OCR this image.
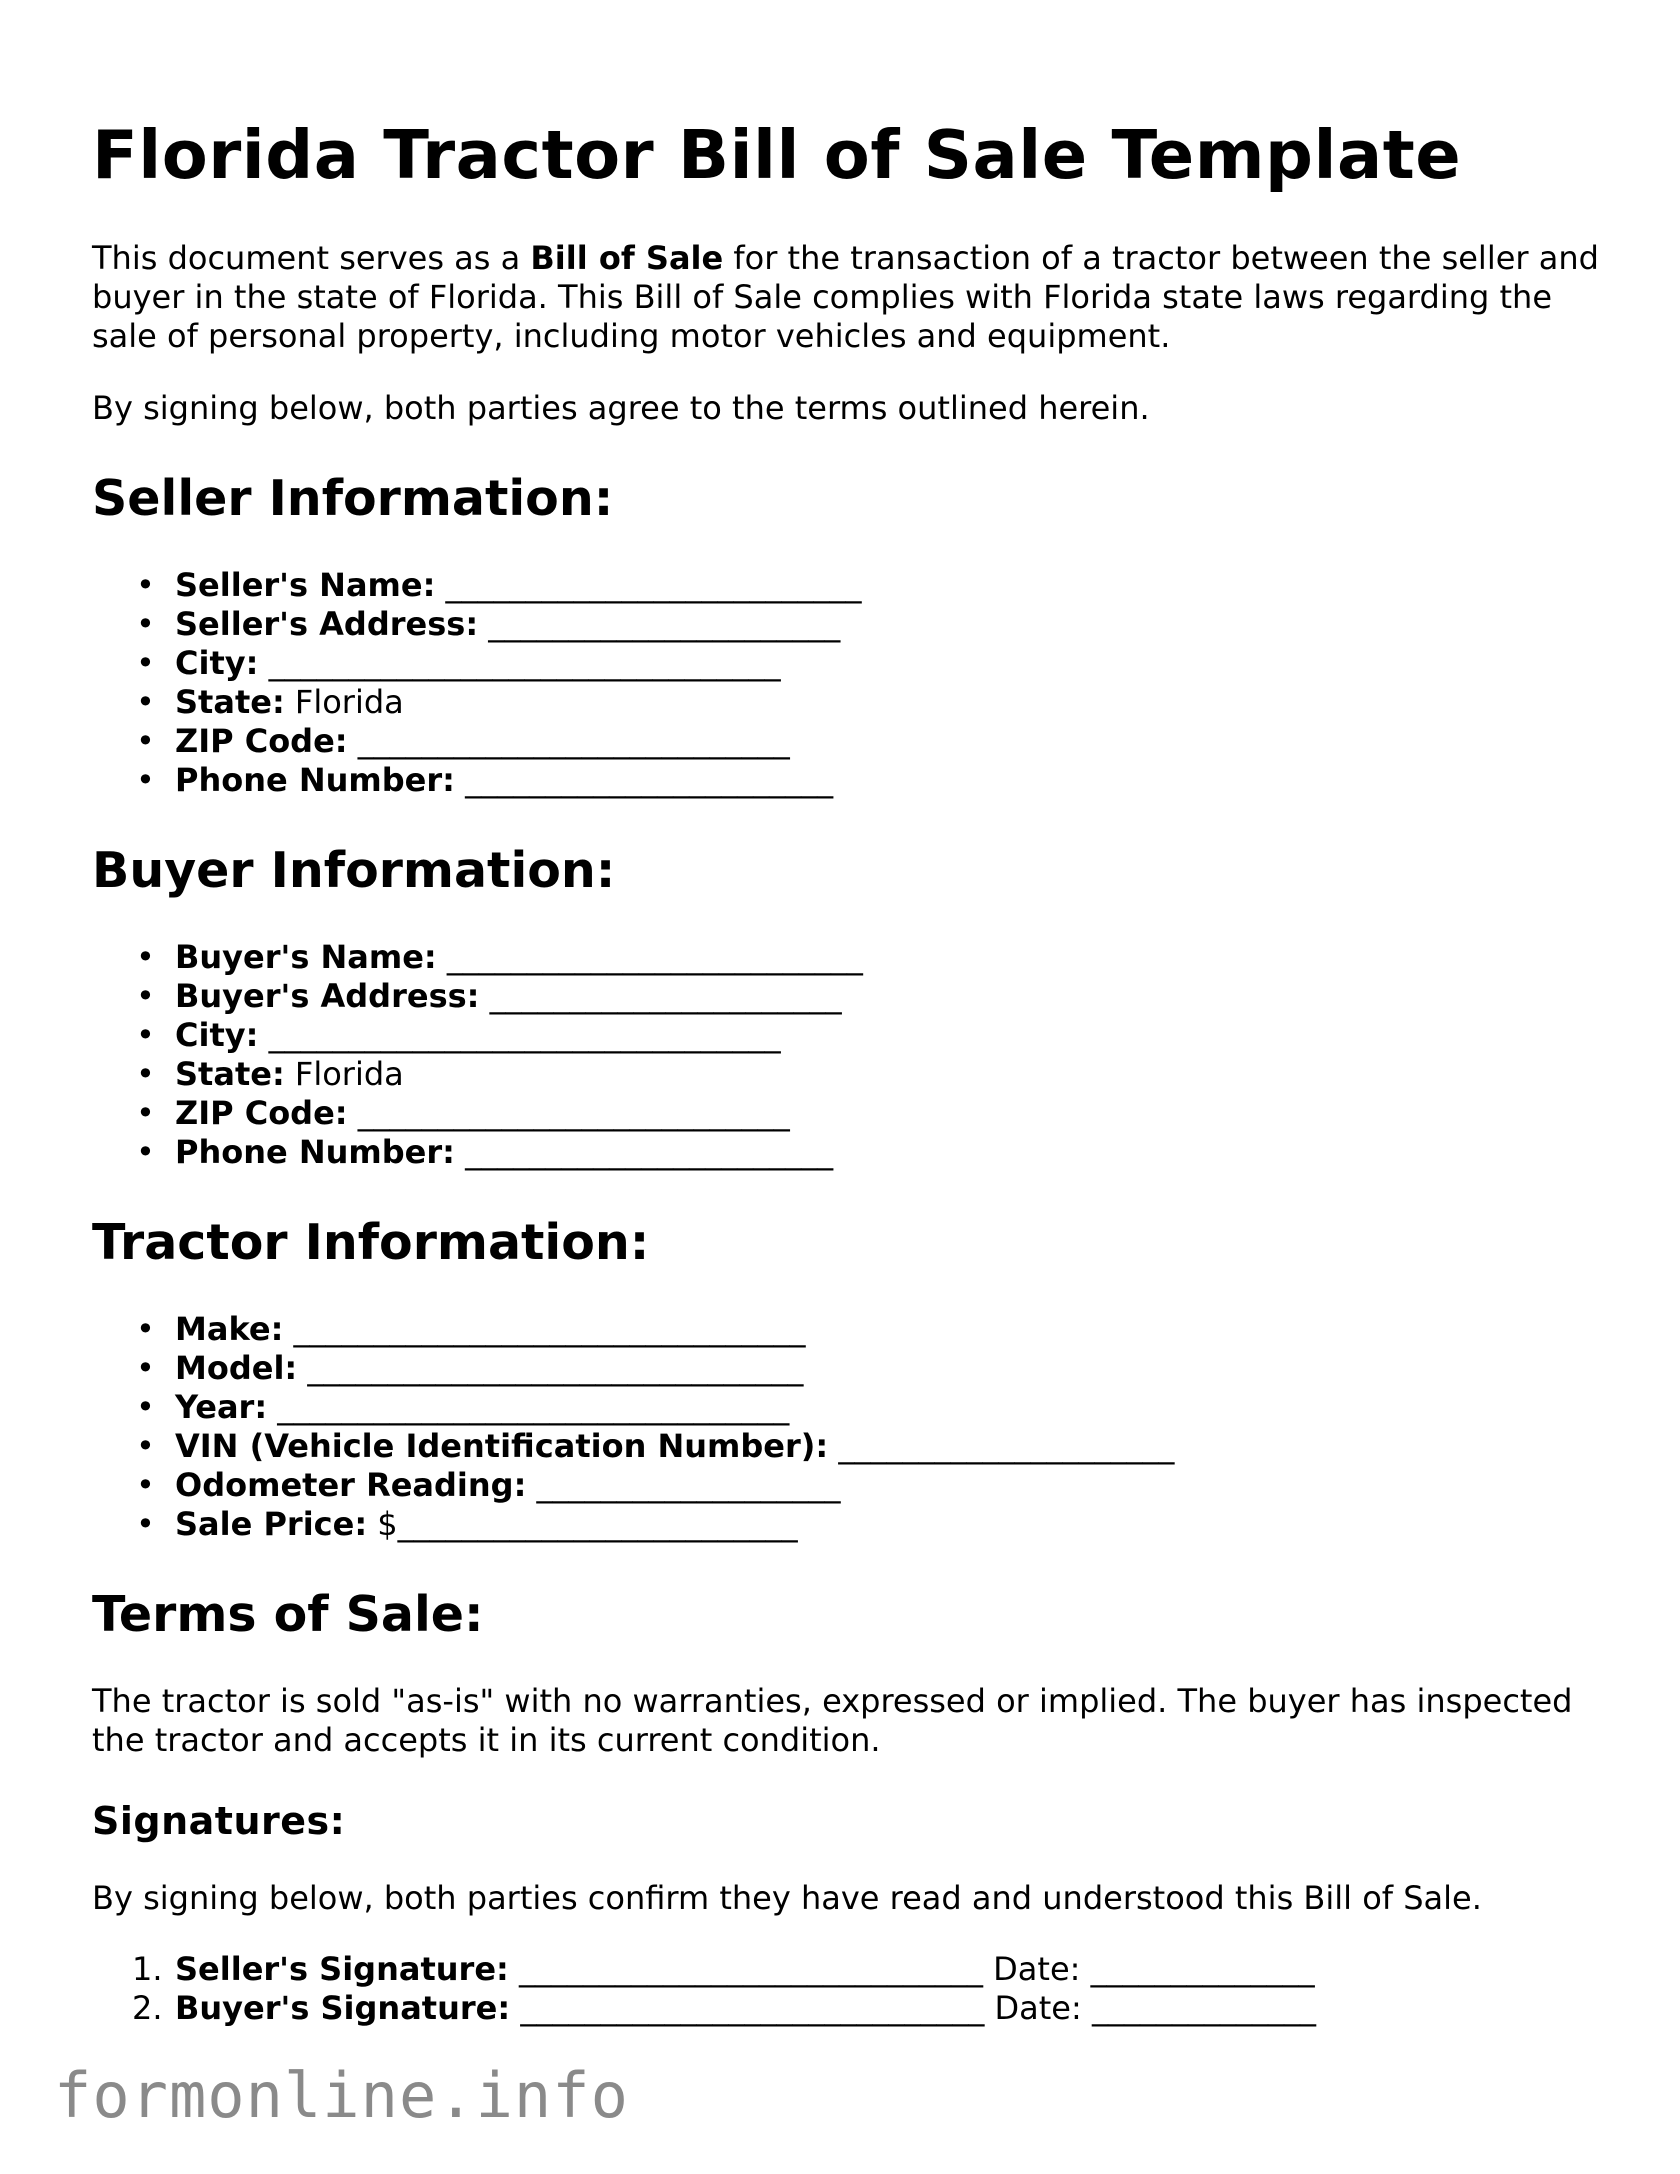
Florida Tractor Bill of Sale Template

This document serves as a Bill of Sale for the transaction of a tractor between the seller and buyer in the state of Florida. This Bill of Sale complies with Florida state laws regarding the sale of personal property, including motor vehicles and equipment.

By signing below, both parties agree to the terms outlined herein.

Seller Information:
• Seller's Name: __________________________
• Seller's Address: ______________________
• City: ________________________________
• State: Florida
• ZIP Code: ___________________________
• Phone Number: _______________________
Buyer Information:
• Buyer's Name: __________________________
• Buyer's Address: ______________________
• City: ________________________________
• State: Florida
• ZIP Code: ___________________________
• Phone Number: _______________________
Tractor Information:
• Make: ________________________________
• Model: _______________________________
• Year: ________________________________
• VIN (Vehicle Identification Number): _____________________
• Odometer Reading: ___________________
• Sale Price: $_________________________
Terms of Sale:

The tractor is sold "as-is" with no warranties, expressed or implied. The buyer has inspected the tractor and accepts it in its current condition.

Signatures:

By signing below, both parties confirm they have read and understood this Bill of Sale.

1. Seller's Signature: _____________________________ Date: ______________
2. Buyer's Signature: _____________________________ Date: ______________
formonline.info
